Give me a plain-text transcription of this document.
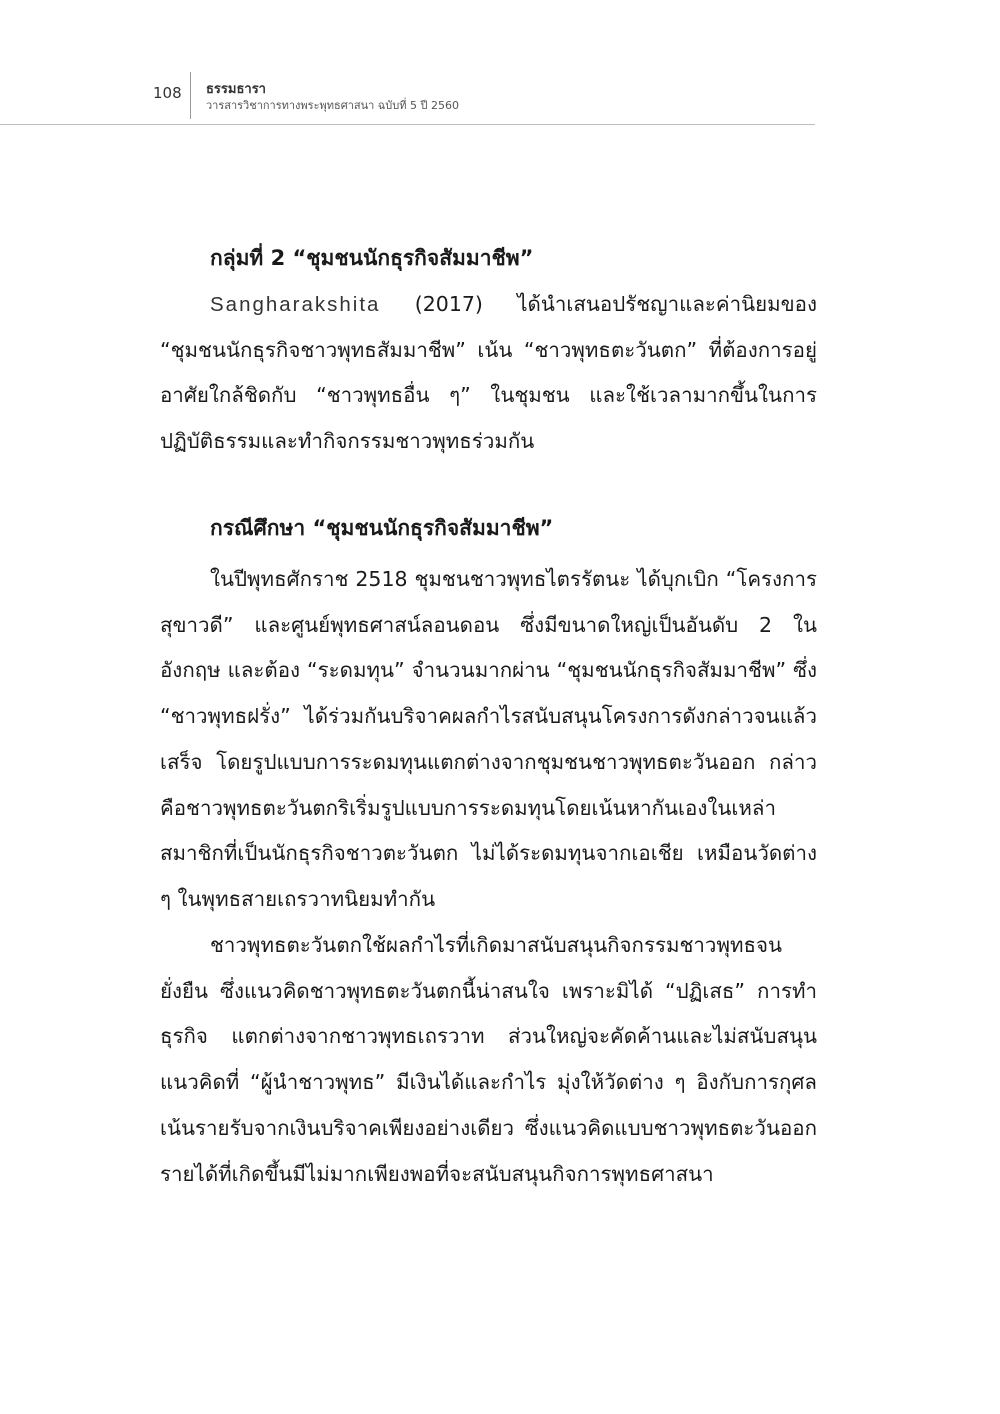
108 ธรรมธารา
วารสารวิชาการทางพระพุทธศาสนา ฉบับที่ 5 ปี 2560
กลุ่มที่ 2 “ชุมชนนักธุรกิจสัมมาชีพ”

Sangharakshita (2017) ได้นำเสนอปรัชญาและค่านิยมของ “ชุมชนนักธุรกิจชาวพุทธสัมมาชีพ” เน้น “ชาวพุทธตะวันตก” ที่ต้องการอยู่อาศัยใกล้ชิดกับ “ชาวพุทธอื่น ๆ” ในชุมชน และใช้เวลามากขึ้นในการปฏิบัติธรรมและทำกิจกรรมชาวพุทธร่วมกัน

กรณีศึกษา “ชุมชนนักธุรกิจสัมมาชีพ”

ในปีพุทธศักราช 2518 ชุมชนชาวพุทธไตรรัตนะ ได้บุกเบิก “โครงการสุขาวดี” และศูนย์พุทธศาสน์ลอนดอน ซึ่งมีขนาดใหญ่เป็นอันดับ 2 ในอังกฤษ และต้อง “ระดมทุน” จำนวนมากผ่าน “ชุมชนนักธุรกิจสัมมาชีพ” ซึ่ง “ชาวพุทธฝรั่ง” ได้ร่วมกันบริจาคผลกำไรสนับสนุนโครงการดังกล่าวจนแล้วเสร็จ โดยรูปแบบการระดมทุนแตกต่างจากชุมชนชาวพุทธตะวันออก กล่าวคือชาวพุทธตะวันตกริเริ่มรูปแบบการระดมทุนโดยเน้นหากันเองในเหล่าสมาชิกที่เป็นนักธุรกิจชาวตะวันตก ไม่ได้ระดมทุนจากเอเชีย เหมือนวัดต่าง ๆ ในพุทธสายเถรวาทนิยมทำกัน

ชาวพุทธตะวันตกใช้ผลกำไรที่เกิดมาสนับสนุนกิจกรรมชาวพุทธจนยั่งยืน ซึ่งแนวคิดชาวพุทธตะวันตกนี้น่าสนใจ เพราะมิได้ “ปฏิเสธ” การทำธุรกิจ แตกต่างจากชาวพุทธเถรวาท ส่วนใหญ่จะคัดค้านและไม่สนับสนุนแนวคิดที่ “ผู้นำชาวพุทธ” มีเงินได้และกำไร มุ่งให้วัดต่าง ๆ อิงกับการกุศล เน้นรายรับจากเงินบริจาคเพียงอย่างเดียว ซึ่งแนวคิดแบบชาวพุทธตะวันออก รายได้ที่เกิดขึ้นมีไม่มากเพียงพอที่จะสนับสนุนกิจการพุทธศาสนา
